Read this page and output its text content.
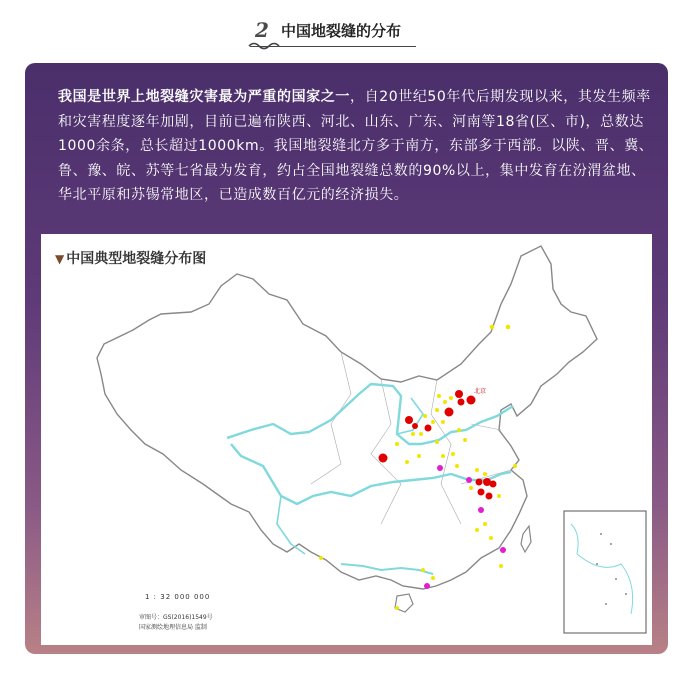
2 中国地裂缝的分布
我国是世界上地裂缝灾害最为严重的国家之一，自20世纪50年代后期发现以来，其发生频率和灾害程度逐年加剧，目前已遍布陕西、河北、山东、广东、河南等18省(区、市)，总数达1000余条，总长超过1000km。我国地裂缝北方多于南方，东部多于西部。以陕、晋、冀、鲁、豫、皖、苏等七省最为发育，约占全国地裂缝总数的90%以上，集中发育在汾渭盆地、华北平原和苏锡常地区，已造成数百亿元的经济损失。
▼ 中国典型地裂缝分布图
北京
1 : 32 000 000
审图号：GS(2016)1549号
国家测绘地理信息局 监制
